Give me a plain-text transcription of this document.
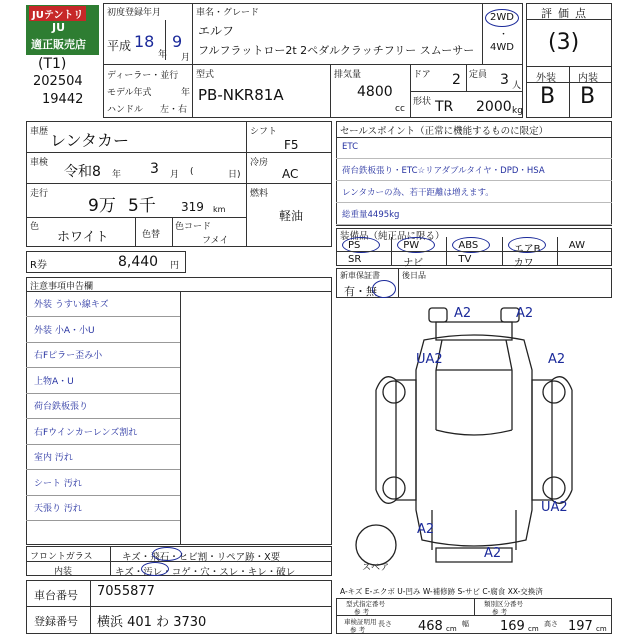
JUテントリ
JU
適正販売店
(T1)
202504
19442
初度登録年月
平成 18
年
9
月
車名・グレード
エルフ
フルフラットロー2t 2ペダルクラッチフリー スムーサー
2WD
・
4WD
評価点
(3)
外装 内装
B B
ディーラー・並行
モデル年式	年
ハンドル 左・右
型式
PB-NKR81A
排気量
4800
cc
ドア 2 定員 3 人
形状 TR 2000 kg
車歴 レンタカー	シフト
F5
車検
令和8 年 3 月 (	日)
冷房
AC
走行
9万 5千 319 km
燃料
軽油
色
ホワイト	色替
色コード
フメイ
R券	8,440 円
注意事項申告欄
外装 うすい線キズ
外装 小A・小U
右Fピラー歪み小
上物A・U
荷台鉄板張り
右Fウインカーレンズ割れ
室内 汚れ
シート 汚れ
天張り 汚れ
フロントガラス	キズ・飛石・ヒビ割・リペア跡・X要
内装	キズ・汚レ・コゲ・穴・スレ・キレ・破レ
車台番号 7055877
登録番号 横浜 401 わ 3730
セールスポイント（正常に機能するものに限定）
ETC
荷台鉄板張り・ETC☆リアダブルタイヤ・DPD・HSA
レンタカーの為、若干距離は増えます。
総重量4495kg
装備品（純正品に限る）
PS	PW	ABS	エアB	AW
SR	ナビ	TV	カワ
新車保証書
有・無
後日品
A2	A2
UA2	A2
UA2
A2
A2
スペア
A-キズ E-エクボ U-凹み W-補修跡 S-サビ C-腐食 XX-交換済
型式指定番号
参 考
類別区分番号
参 考
車検証明用
参 考
長さ 468 cm
幅 169 cm
高さ 197 cm
